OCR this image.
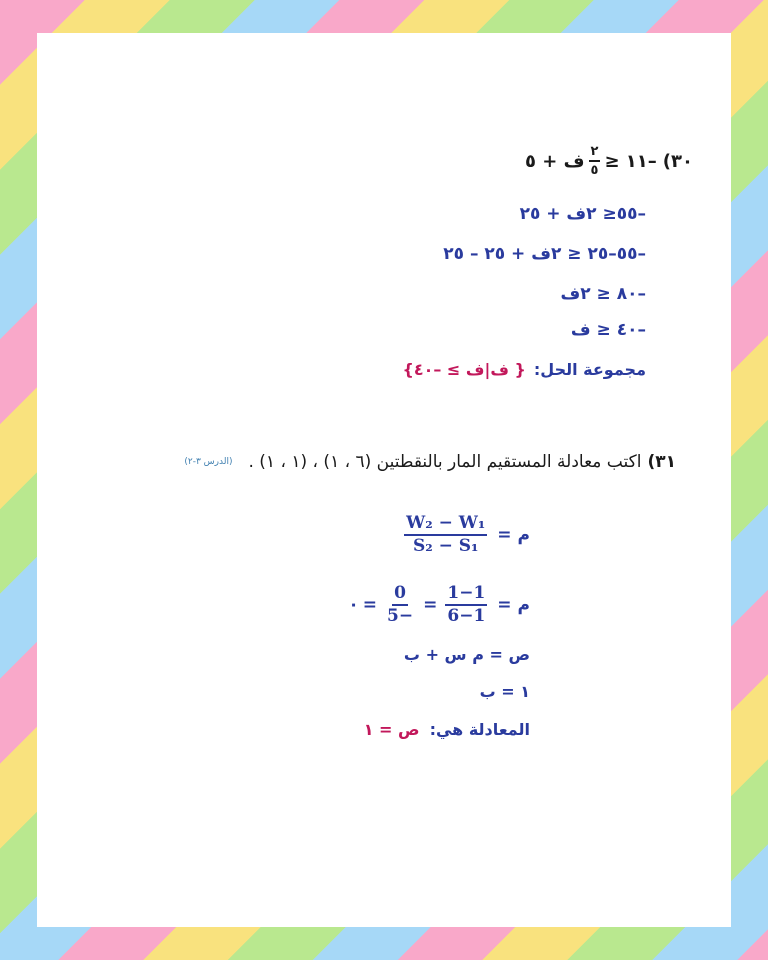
٣٠)
–١١ ≤
$\frac{٢}{٥}$
ف + ٥
–٥٥≤ ٢ف + ٢٥
–٥٥–٢٥ ≤ ٢ف + ٢٥ – ٢٥
–٨٠ ≤ ٢ف
–٤٠ ≤ ف
مجموعة الحل:
{ ف|ف ≥ –٤٠}
٣١)
اكتب معادلة المستقيم المار بالنقطتين (٦ ، ١) ، (١ ، ١) .
(الدرس ٣-٢)
م
=
$\frac{\text{W₂ − W₁}}{\text{S₂ − S₁}}$
م
=
$\frac{1-1}{6-1}$
=
$\frac{0}{5-}$
=
٠
ص = م س + ب
١ = ب
المعادلة هي:
ص = ١
